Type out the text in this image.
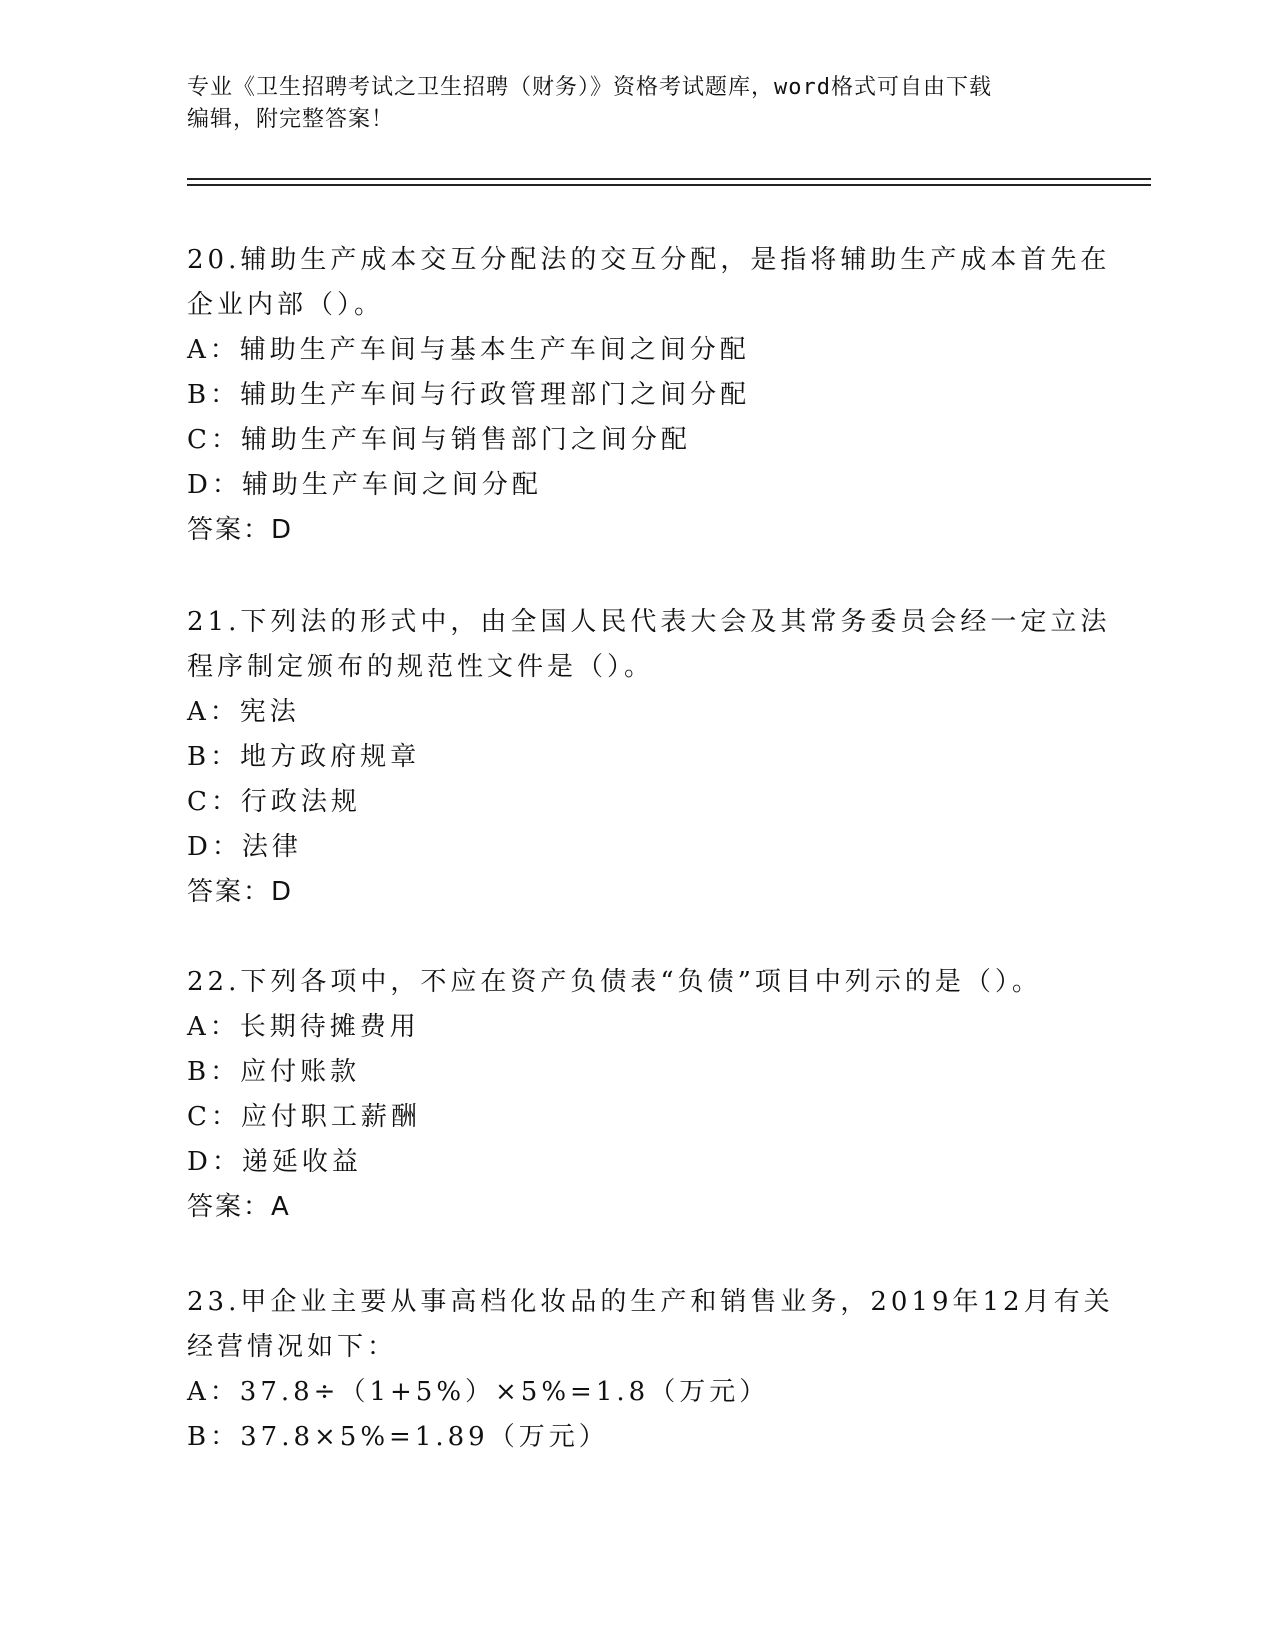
专业《卫生招聘考试之卫生招聘（财务）》资格考试题库，word格式可自由下载
编辑，附完整答案！
20.辅助生产成本交互分配法的交互分配，是指将辅助生产成本首先在
企业内部（）。
A：辅助生产车间与基本生产车间之间分配
B：辅助生产车间与行政管理部门之间分配
C：辅助生产车间与销售部门之间分配
D：辅助生产车间之间分配
答案：D
21.下列法的形式中，由全国人民代表大会及其常务委员会经一定立法
程序制定颁布的规范性文件是（）。
A：宪法
B：地方政府规章
C：行政法规
D：法律
答案：D
22.下列各项中，不应在资产负债表“负债”项目中列示的是（）。
A：长期待摊费用
B：应付账款
C：应付职工薪酬
D：递延收益
答案：A
23.甲企业主要从事高档化妆品的生产和销售业务，2019年12月有关
经营情况如下：
A：37.8÷（1+5%）×5%=1.8（万元）
B：37.8×5%=1.89（万元）
